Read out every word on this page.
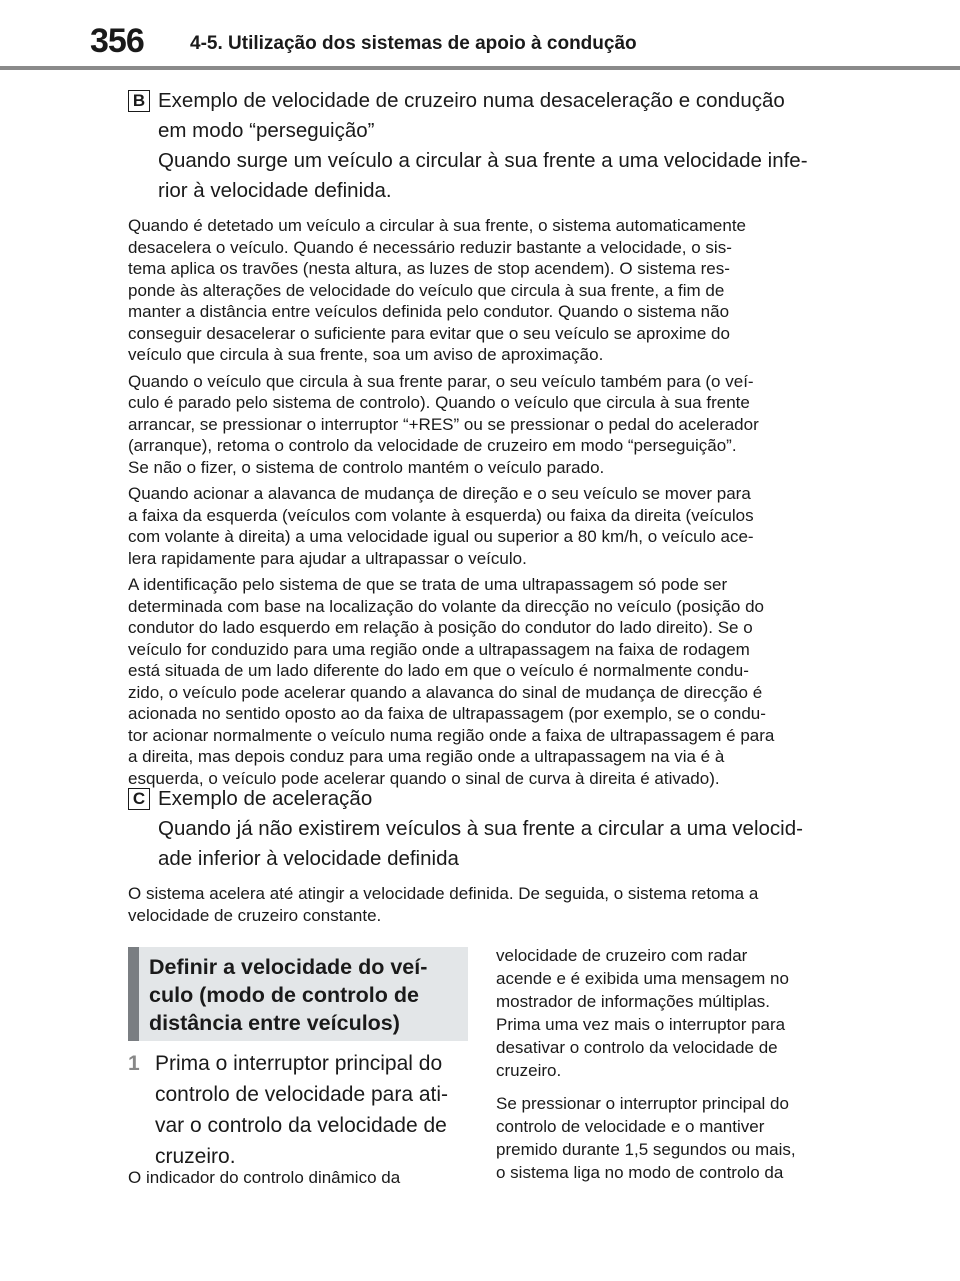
356 4-5. Utilização dos sistemas de apoio à condução
B Exemplo de velocidade de cruzeiro numa desaceleração e condução
em modo “perseguição”
Quando surge um veículo a circular à sua frente a uma velocidade infe-
rior à velocidade definida.
Quando é detetado um veículo a circular à sua frente, o sistema automaticamente
desacelera o veículo. Quando é necessário reduzir bastante a velocidade, o sis-
tema aplica os travões (nesta altura, as luzes de stop acendem). O sistema res-
ponde às alterações de velocidade do veículo que circula à sua frente, a fim de
manter a distância entre veículos definida pelo condutor. Quando o sistema não
conseguir desacelerar o suficiente para evitar que o seu veículo se aproxime do
veículo que circula à sua frente, soa um aviso de aproximação.
Quando o veículo que circula à sua frente parar, o seu veículo também para (o veí-
culo é parado pelo sistema de controlo). Quando o veículo que circula à sua frente
arrancar, se pressionar o interruptor “+RES” ou se pressionar o pedal do acelerador
(arranque), retoma o controlo da velocidade de cruzeiro em modo “perseguição”.
Se não o fizer, o sistema de controlo mantém o veículo parado.
Quando acionar a alavanca de mudança de direção e o seu veículo se mover para
a faixa da esquerda (veículos com volante à esquerda) ou faixa da direita (veículos
com volante à direita) a uma velocidade igual ou superior a 80 km/h, o veículo ace-
lera rapidamente para ajudar a ultrapassar o veículo.
A identificação pelo sistema de que se trata de uma ultrapassagem só pode ser
determinada com base na localização do volante da direcção no veículo (posição do
condutor do lado esquerdo em relação à posição do condutor do lado direito). Se o
veículo for conduzido para uma região onde a ultrapassagem na faixa de rodagem
está situada de um lado diferente do lado em que o veículo é normalmente condu-
zido, o veículo pode acelerar quando a alavanca do sinal de mudança de direcção é
acionada no sentido oposto ao da faixa de ultrapassagem (por exemplo, se o condu-
tor acionar normalmente o veículo numa região onde a faixa de ultrapassagem é para
a direita, mas depois conduz para uma região onde a ultrapassagem na via é à
esquerda, o veículo pode acelerar quando o sinal de curva à direita é ativado).
C Exemplo de aceleração
Quando já não existirem veículos à sua frente a circular a uma velocid-
ade inferior à velocidade definida
O sistema acelera até atingir a velocidade definida. De seguida, o sistema retoma a
velocidade de cruzeiro constante.
Definir a velocidade do veí-
culo (modo de controlo de
distância entre veículos)
1 Prima o interruptor principal do
controlo de velocidade para ati-
var o controlo da velocidade de
cruzeiro.

O indicador do controlo dinâmico da

velocidade de cruzeiro com radar
acende e é exibida uma mensagem no
mostrador de informações múltiplas.
Prima uma vez mais o interruptor para
desativar o controlo da velocidade de
cruzeiro.
Se pressionar o interruptor principal do
controlo de velocidade e o mantiver
premido durante 1,5 segundos ou mais,
o sistema liga no modo de controlo da
